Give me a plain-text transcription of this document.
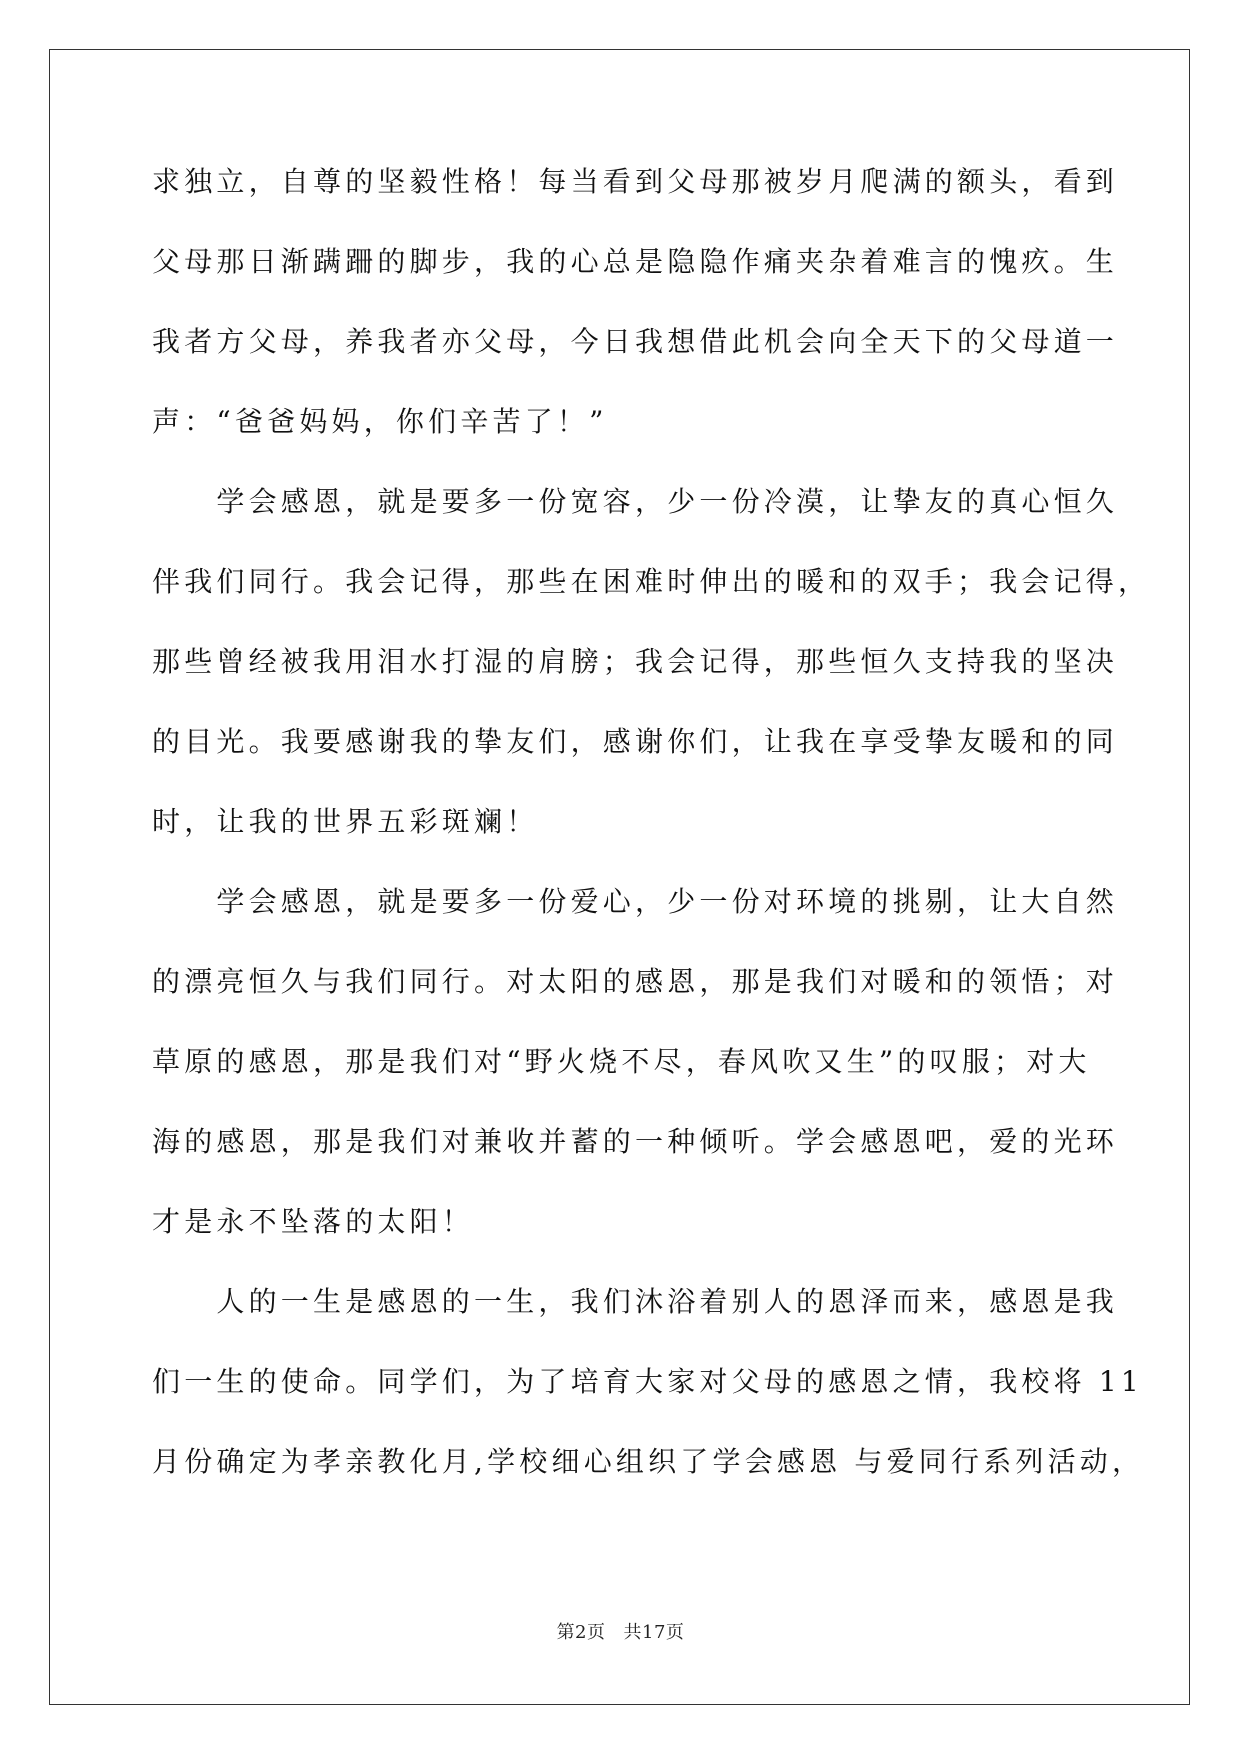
求独立，自尊的坚毅性格！每当看到父母那被岁月爬满的额头，看到
父母那日渐蹒跚的脚步，我的心总是隐隐作痛夹杂着难言的愧疚。生
我者方父母，养我者亦父母，今日我想借此机会向全天下的父母道一
声：“爸爸妈妈，你们辛苦了！”
　　学会感恩，就是要多一份宽容，少一份冷漠，让挚友的真心恒久
伴我们同行。我会记得，那些在困难时伸出的暖和的双手；我会记得，
那些曾经被我用泪水打湿的肩膀；我会记得，那些恒久支持我的坚决
的目光。我要感谢我的挚友们，感谢你们，让我在享受挚友暖和的同
时，让我的世界五彩斑斓！
　　学会感恩，就是要多一份爱心，少一份对环境的挑剔，让大自然
的漂亮恒久与我们同行。对太阳的感恩，那是我们对暖和的领悟；对
草原的感恩，那是我们对“野火烧不尽，春风吹又生”的叹服；对大
海的感恩，那是我们对兼收并蓄的一种倾听。学会感恩吧，爱的光环
才是永不坠落的太阳！
　　人的一生是感恩的一生，我们沐浴着别人的恩泽而来，感恩是我
们一生的使命。同学们，为了培育大家对父母的感恩之情，我校将 11
月份确定为孝亲教化月,学校细心组织了学会感恩 与爱同行系列活动，
第2页 共17页
